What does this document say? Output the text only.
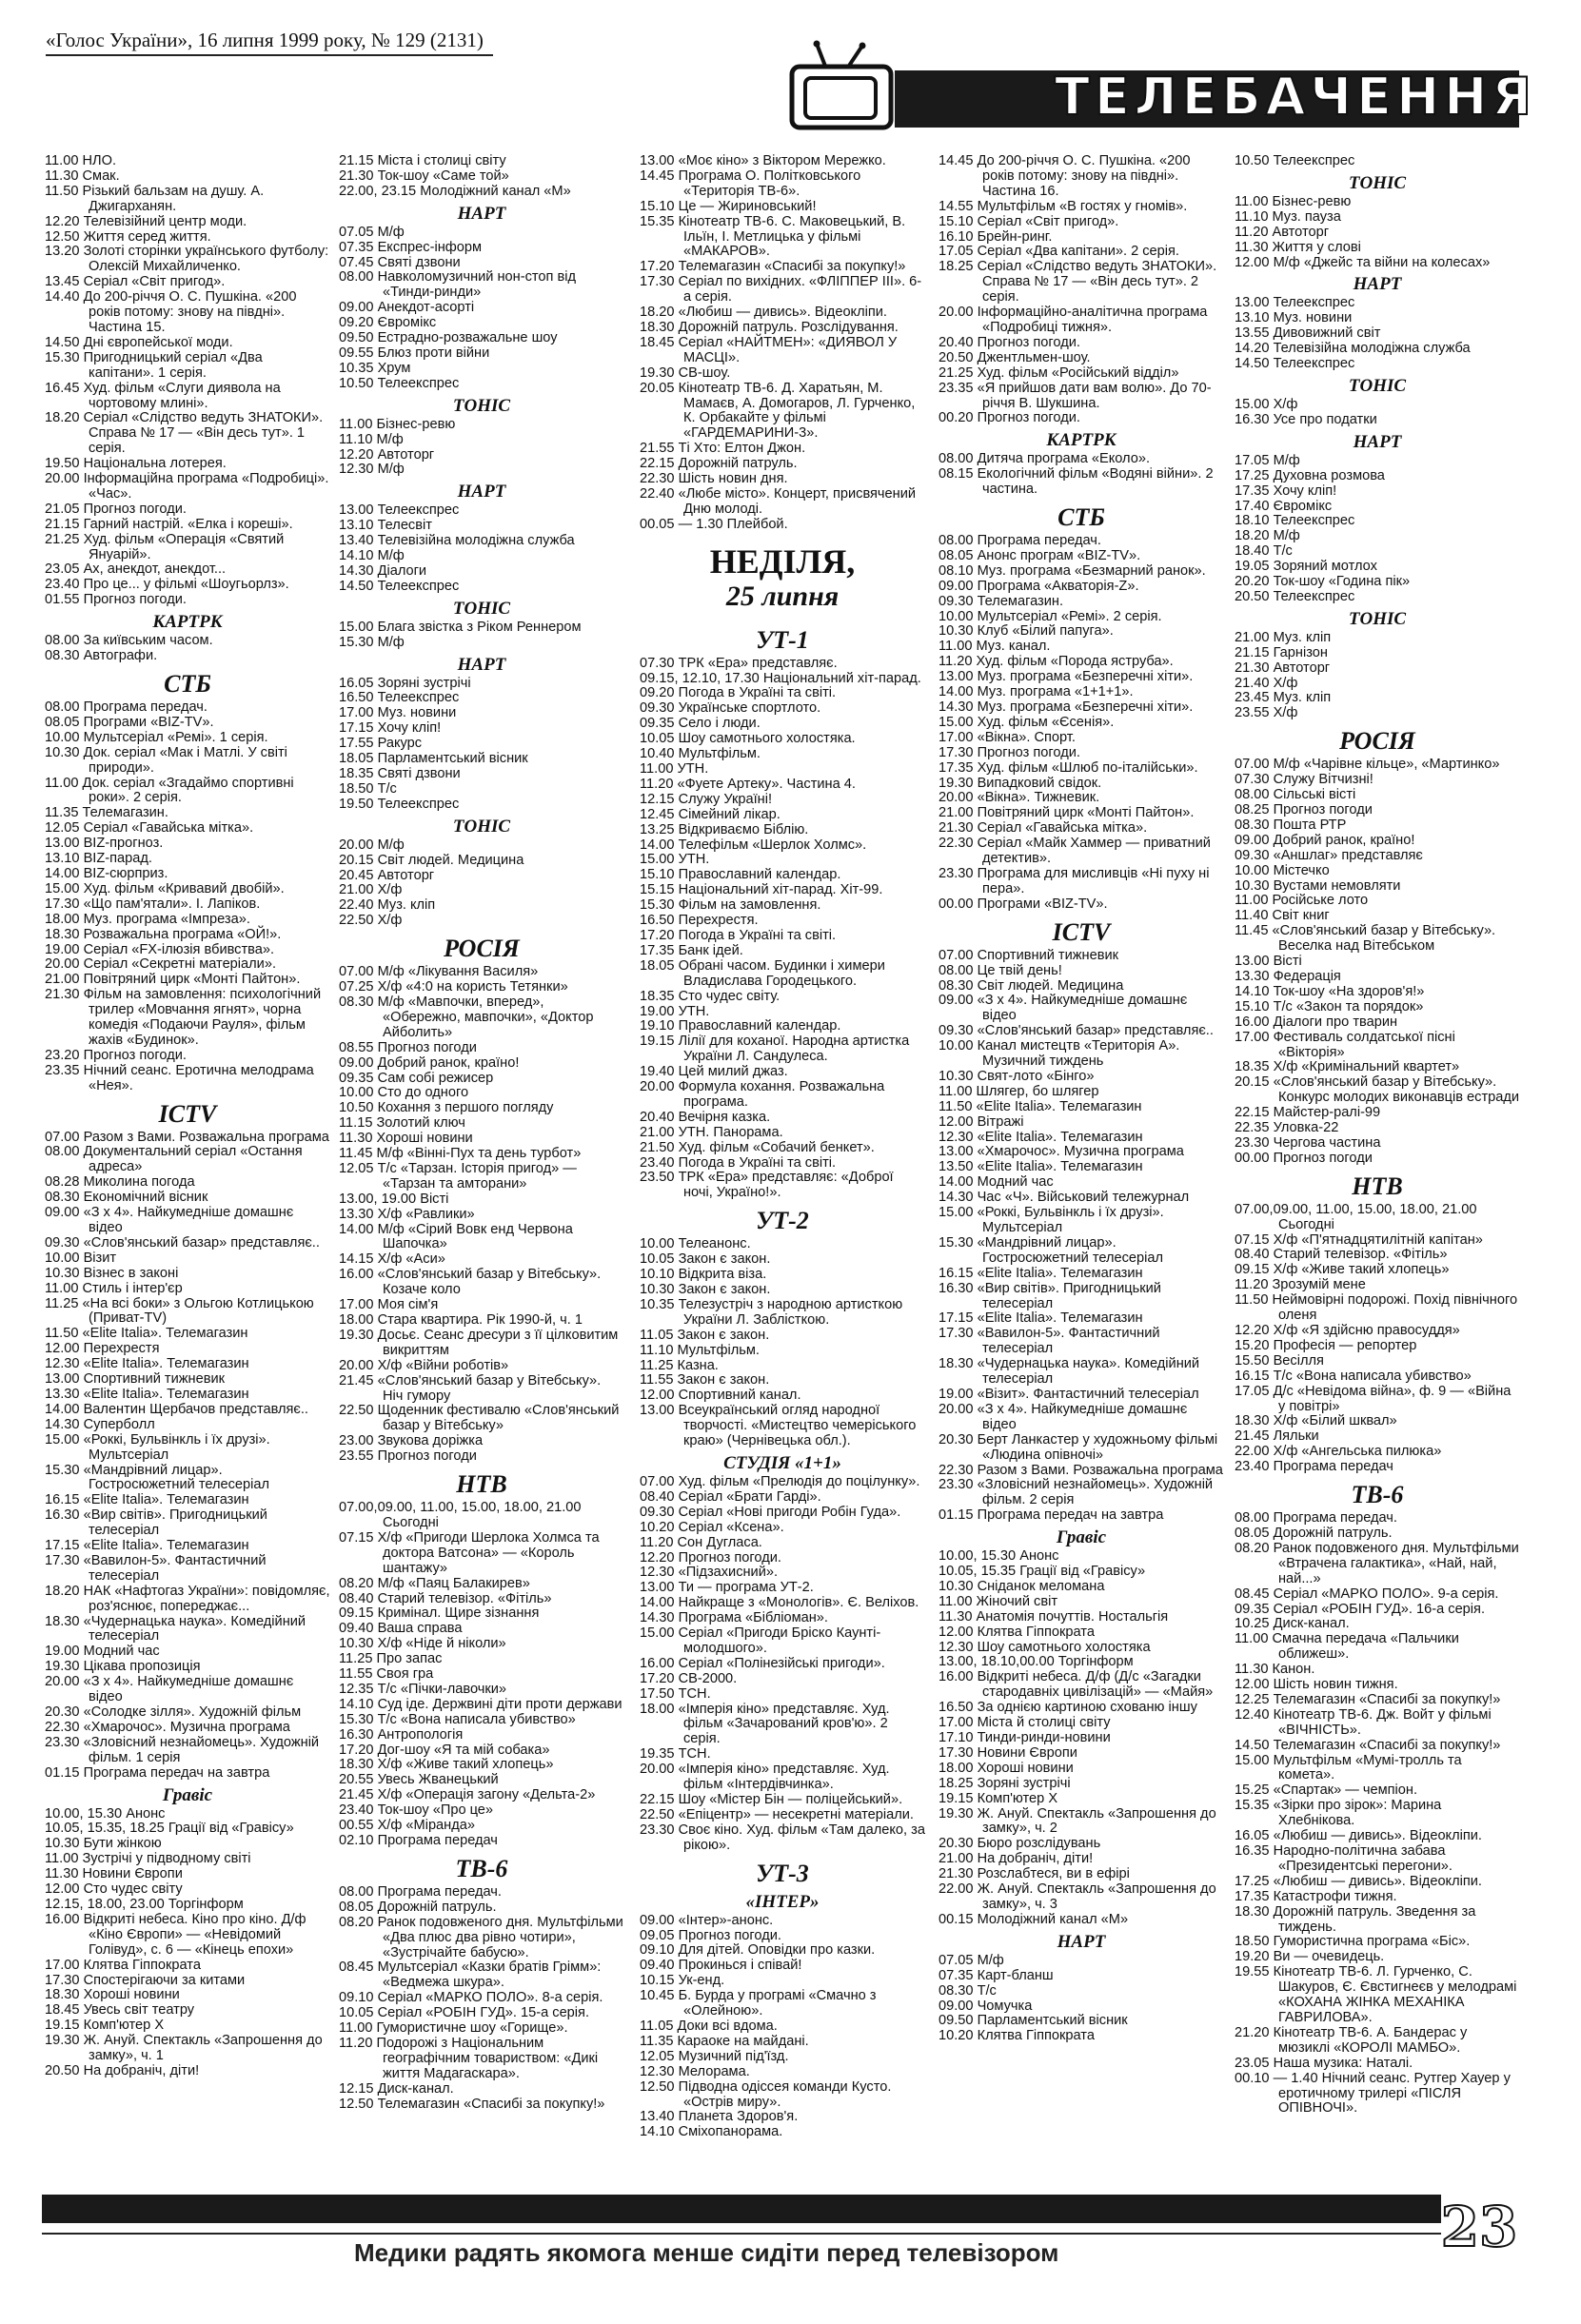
«Голос України», 16 липня 1999 року, № 129 (2131)
ТЕЛЕБАЧЕННЯ
11.00 НЛО.
11.30 Смак.
11.50 Різький бальзам на душу. А. Джигарханян.
12.20 Телевізійний центр моди.
12.50 Життя серед життя.
13.20 Золоті сторінки українського футболу: Олексій Михайличенко.
13.45 Серіал «Світ пригод».
14.40 До 200-річчя О. С. Пушкіна. «200 років потому: знову на півдні». Частина 15.
14.50 Дні європейської моди.
15.30 Пригодницький серіал «Два капітани». 1 серія.
16.45 Худ. фільм «Слуги диявола на чортовому млині».
18.20 Серіал «Слідство ведуть ЗНАТОКИ». Справа № 17 — «Він десь тут». 1 серія.
19.50 Національна лотерея.
20.00 Інформаційна програма «Подробиці». «Час».
21.05 Прогноз погоди.
21.15 Гарний настрій. «Елка і кореші».
21.25 Худ. фільм «Операція «Святий Януарій».
23.05 Ах, анекдот, анекдот...
23.40 Про це... у фільмі «Шоугьорлз».
01.55 Прогноз погоди.
КАРТРК
08.00 За київським часом.
08.30 Автографи.
СТБ
08.00 Програма передач.
08.05 Програми «BIZ-TV».
10.00 Мультсеріал «Ремі». 1 серія.
10.30 Док. серіал «Мак і Матлі. У світі природи».
11.00 Док. серіал «Згадаймо спортивні роки». 2 серія.
11.35 Телемагазин.
12.05 Серіал «Гавайська мітка».
13.00 BIZ-прогноз.
13.10 BIZ-парад.
14.00 BIZ-сюрприз.
15.00 Худ. фільм «Кривавий двобій».
17.30 «Що пам'ятали». І. Лапіков.
18.00 Муз. програма «Імпреза».
18.30 Розважальна програма «ОЙ!».
19.00 Серіал «FX-ілюзія вбивства».
20.00 Серіал «Секретні матеріали».
21.00 Повітряний цирк «Монті Пайтон».
21.30 Фільм на замовлення: психологічний трилер «Мовчання ягнят», чорна комедія «Подаючи Рауля», фільм жахів «Будинок».
23.20 Прогноз погоди.
23.35 Нічний сеанс. Еротична мелодрама «Нея».
ICTV
07.00 Разом з Вами. Розважальна програма
08.00 Документальний серіал «Остання адреса»
08.28 Миколина погода
08.30 Економічний вісник
09.00 «З х 4». Найкумедніше домашнє відео
09.30 «Слов'янський базар» представляє..
10.00 Візит
10.30 Візнес в законі
11.00 Стиль і інтер'єр
11.25 «На всі боки» з Ольгою Котлицькою (Приват-TV)
11.50 «Elite Italia». Телемагазин
12.00 Перехрестя
12.30 «Elite Italia». Телемагазин
13.00 Спортивний тижневик
13.30 «Elite Italia». Телемагазин
14.00 Валентин Щербачов представляє..
14.30 Суперболл
15.00 «Роккі, Бульвінкль і їх друзі». Мультсеріал
15.30 «Мандрівний лицар». Гостросюжетний телесеріал
16.15 «Elite Italia». Телемагазин
16.30 «Вир світів». Пригодницький телесеріал
17.15 «Elite Italia». Телемагазин
17.30 «Вавилон-5». Фантастичний телесеріал
18.20 НАК «Нафтогаз України»: повідомляє, роз'яснює, попереджає...
18.30 «Чудернацька наука». Комедійний телесеріал
19.00 Модний час
19.30 Цікава пропозиція
20.00 «З х 4». Найкумедніше домашнє відео
20.30 «Солодке зілля». Художній фільм
22.30 «Хмарочос». Музична програма
23.30 «Злoвісний незнайомець». Художній фільм. 1 серія
01.15 Програма передач на завтра
Гравіс
10.00, 15.30 Анонс
10.05, 15.35, 18.25 Грації від «Гравісу»
10.30 Бути жінкою
11.00 Зустрічі у підводному світі
11.30 Новини Європи
12.00 Сто чудес світу
12.15, 18.00, 23.00 Торгінформ
16.00 Відкриті небеса. Кіно про кіно. Д/ф «Кіно Європи» — «Невідомий Голівуд», с. 6 — «Кінець епохи»
17.00 Клятва Гіппократа
17.30 Спостерігаючи за китами
18.30 Хороші новини
18.45 Увесь світ театру
19.15 Комп'ютер Х
19.30 Ж. Ануй. Спектакль «Запрошення до замку», ч. 1
20.50 На добраніч, діти!
21.15 Міста і столиці світу
21.30 Ток-шоу «Саме той»
22.00, 23.15 Молодіжний канал «М»
НАРТ
07.05 М/ф
07.35 Експрес-інформ
07.45 Святі дзвони
08.00 Навколомузичний нон-стоп від «Тинди-ринди»
09.00 Анекдот-асорті
09.20 Євромікс
09.50 Естрадно-розважальне шоу
09.55 Блюз проти війни
10.35 Хрум
10.50 Телеекспрес
ТОНІС
11.00 Бізнес-ревю
11.10 М/ф
12.20 Автоторг
12.30 М/ф
НАРТ
13.00 Телеекспрес
13.10 Телесвіт
13.40 Телевізійна молодіжна служба
14.10 М/ф
14.30 Діалоги
14.50 Телеекспрес
ТОНІС
15.00 Блага звістка з Ріком Реннером
15.30 М/ф
НАРТ
16.05 Зоряні зустрічі
16.50 Телеекспрес
17.00 Муз. новини
17.15 Хочу клiп!
17.55 Ракурс
18.05 Парламентський вісник
18.35 Святі дзвони
18.50 Т/с
19.50 Телеекспрес
ТОНІС
20.00 М/ф
20.15 Світ людей. Медицина
20.45 Автоторг
21.00 Х/ф
22.40 Муз. кліп
22.50 Х/ф
РОСІЯ
07.00 М/ф «Лікування Василя»
07.25 Х/ф «4:0 на користь Тетянки»
08.30 М/ф «Мавпочки, вперед», «Обережно, мавпочки», «Доктор Айболить»
08.55 Прогноз погоди
09.00 Добрий ранок, країно!
09.35 Сам собі режисер
10.00 Сто до одного
10.50 Кохання з першого погляду
11.15 Золотий ключ
11.30 Хороші новини
11.45 М/ф «Вінні-Пух та день турбот»
12.05 Т/с «Тарзан. Історія пригод» — «Тарзан та амторани»
13.00, 19.00 Вісті
13.30 Х/ф «Равлики»
14.00 М/ф «Сірий Вовк енд Червона Шапочка»
14.15 Х/ф «Аси»
16.00 «Слов'янський базар у Вітебську». Козаче коло
17.00 Моя сім'я
18.00 Стара квартира. Рік 1990-й, ч. 1
19.30 Досьє. Сеанс дресури з її цілковитим викриттям
20.00 Х/ф «Війни роботів»
21.45 «Слов'янський базар у Вітебську». Ніч гумору
22.50 Щоденник фестивалю «Слов'янський базар у Вітебську»
23.00 Звукова доріжка
23.55 Прогноз погоди
НТВ
07.00,09.00, 11.00, 15.00, 18.00, 21.00 Сьогодні
07.15 Х/ф «Пригоди Шерлока Холмса та доктора Ватсона» — «Король шантажу»
08.20 М/ф «Паяц Балакирев»
08.40 Старий телевізор. «Фітіль»
09.15 Кримінал. Щире зізнання
09.40 Ваша справа
10.30 Х/ф «Ніде й ніколи»
11.25 Про запас
11.55 Своя гра
12.35 Т/с «Пічки-лавочки»
14.10 Суд іде. Держвині діти проти держави
15.30 Т/с «Вона написала убивство»
16.30 Антропологія
17.20 Дог-шоу «Я та мій собака»
18.30 Х/ф «Живе такий хлопець»
20.55 Увесь Жванецький
21.45 Х/ф «Операція загону «Дельта-2»
23.40 Ток-шоу «Про це»
00.55 Х/ф «Міранда»
02.10 Програма передач
ТВ-6
08.00 Програма передач.
08.05 Дорожній патруль.
08.20 Ранок подовженого дня. Мультфільми «Два плюс два рівно чотири», «Зустрічайте бабусю».
08.45 Мультсеріал «Казки братів Грімм»: «Ведмежа шкура».
09.10 Серіал «МАРКО ПОЛО». 8-а серія.
10.05 Серіал «РОБІН ГУД». 15-а серія.
11.00 Гумористичне шоу «Горище».
11.20 Подорожі з Національним географічним товариством: «Дикі життя Мадагаскара».
12.15 Диск-канал.
12.50 Телемагазин «Спасибі за покупку!»
13.00 «Моє кіно» з Віктором Мережко.
14.45 Програма О. Політковського «Територія ТВ-6».
15.10 Це — Жириновський!
15.35 Кінотеатр ТВ-6. С. Маковецький, В. Ільїн, І. Метлицька у фільмі «МАКАРОВ».
17.20 Телемагазин «Спасибі за покупку!»
17.30 Серіал по вихідних. «ФЛІППЕР III». 6-а серія.
18.20 «Любиш — дивись». Відеокліпи.
18.30 Дорожній патруль. Розслідування.
18.45 Серіал «НАЙТМЕН»: «ДИЯВОЛ У МАСЦІ».
19.30 СВ-шоу.
20.05 Кінотеатр ТВ-6. Д. Харатьян, М. Мамаєв, А. Домогаров, Л. Гурченко, К. Орбакайте у фільмі «ГАРДЕМАРИНИ-3».
21.55 Ті Хто: Елтон Джон.
22.15 Дорожній патруль.
22.30 Шість новин дня.
22.40 «Любе місто». Концерт, присвячений Дню молоді.
00.05 — 1.30 Плейбой.
НЕДІЛЯ,
25 липня
УТ-1
07.30 ТРК «Ера» представляє.
09.15, 12.10, 17.30 Національний хіт-парад.
09.20 Погода в Україні та світі.
09.30 Українське спортлото.
09.35 Село і люди.
10.05 Шоу самотнього холостяка.
10.40 Мультфільм.
11.00 УТН.
11.20 «Фуете Артеку». Частина 4.
12.15 Служу Україні!
12.45 Сімейний лікар.
13.25 Відкриваємо Біблію.
14.00 Телефільм «Шерлок Холмс».
15.00 УТН.
15.10 Православний календар.
15.15 Національний хіт-парад. Хіт-99.
15.30 Фільм на замовлення.
16.50 Перехрестя.
17.20 Погода в Україні та світі.
17.35 Банк ідей.
18.05 Обрані часом. Будинки і химери Владислава Городецького.
18.35 Сто чудес світу.
19.00 УТН.
19.10 Православний календар.
19.15 Лілії для коханої. Народна артистка України Л. Сандулеса.
19.40 Цей милий джаз.
20.00 Формула кохання. Розважальна програма.
20.40 Вечірня казка.
21.00 УТН. Панорама.
21.50 Худ. фільм «Собачий бенкет».
23.40 Погода в Україні та світі.
23.50 ТРК «Ера» представляє: «Доброї ночі, Україно!».
УТ-2
10.00 Телеанонс.
10.05 Закон є закон.
10.10 Відкрита віза.
10.30 Закон є закон.
10.35 Телезустріч з народною артисткою України Л. Заблiсткою.
11.05 Закон є закон.
11.10 Мультфільм.
11.25 Казна.
11.55 Закон є закон.
12.00 Спортивний канал.
13.00 Всеукраїнський огляд народної творчості. «Мистецтво чемеріського краю» (Чернівецька обл.).
СТУДІЯ «1+1»
07.00 Худ. фільм «Прелюдія до поцілунку».
08.40 Серіал «Брати Гарді».
09.30 Серіал «Нові пригоди Робін Гуда».
10.20 Серіал «Ксена».
11.20 Сон Дугласа.
12.20 Прогноз погоди.
12.30 «Підзахисний».
13.00 Ти — програма УТ-2.
14.00 Найкраще з «Монологів». Є. Веліхов.
14.30 Програма «Бібліоман».
15.00 Серіал «Пригоди Бріско Каунті-молодшого».
16.00 Серіал «Полінезійські пригоди».
17.20 СВ-2000.
17.50 ТСН.
18.00 «Імперія кіно» представляє. Худ. фільм «Зачарований кров'ю». 2 серія.
19.35 ТСН.
20.00 «Імперія кіно» представляє. Худ. фільм «Інтердівчинка».
22.15 Шоу «Містер Бін — поліцейський».
22.50 «Епіцентр» — несекретні матеріали.
23.30 Своє кіно. Худ. фільм «Там далеко, за рікою».
УТ-3
«ІНТЕР»
09.00 «Інтер»-анонс.
09.05 Прогноз погоди.
09.10 Для дітей. Оповідки про казки.
09.40 Прокинься і співай!
10.15 Ук-енд.
10.45 Б. Бурда у програмі «Смачно з «Олейною».
11.05 Доки всі вдома.
11.35 Караоке на майдані.
12.05 Музичний під'їзд.
12.30 Мелорама.
12.50 Підводна одіссея команди Кусто. «Острів миру».
13.40 Планета Здоров'я.
14.10 Сміхопанорама.
14.45 До 200-річчя О. С. Пушкіна. «200 років потому: знову на півдні». Частина 16.
14.55 Мультфільм «В гостях у гномів».
15.10 Серіал «Світ пригод».
16.10 Брейн-ринг.
17.05 Серіал «Два капітани». 2 серія.
18.25 Серіал «Слідство ведуть ЗНАТОКИ». Справа № 17 — «Він десь тут». 2 серія.
20.00 Інформаційно-аналітична програма «Подробиці тижня».
20.40 Прогноз погоди.
20.50 Джентльмен-шоу.
21.25 Худ. фільм «Російський відділ»
23.35 «Я прийшов дати вам волю». До 70-річчя В. Шукшина.
00.20 Прогноз погоди.
КАРТРК
08.00 Дитяча програма «Еколо».
08.15 Екологічний фільм «Водяні війни». 2 частина.
СТБ
08.00 Програма передач.
08.05 Анонс програм «BIZ-TV».
08.10 Муз. програма «Безмарний ранок».
09.00 Програма «Акваторія-Z».
09.30 Телемагазин.
10.00 Мультсеріал «Ремі». 2 серія.
10.30 Клуб «Білий папуга».
11.00 Муз. канал.
11.20 Худ. фільм «Порода яструба».
13.00 Муз. програма «Безперечні хіти».
14.00 Муз. програма «1+1+1».
14.30 Муз. програма «Безперечні хіти».
15.00 Худ. фільм «Єсенія».
17.00 «Вікна». Спорт.
17.30 Прогноз погоди.
17.35 Худ. фільм «Шлюб по-італійськи».
19.30 Випадковий свідок.
20.00 «Вікна». Тижневик.
21.00 Повітряний цирк «Монті Пайтон».
21.30 Серіал «Гавайська мітка».
22.30 Серіал «Майк Хаммер — приватний детектив».
23.30 Програма для мисливців «Ні пуху ні пера».
00.00 Програми «BIZ-TV».
ICTV
07.00 Спортивний тижневик
08.00 Це твій день!
08.30 Світ людей. Медицина
09.00 «З х 4». Найкумедніше домашнє відео
09.30 «Слов'янський базар» представляє..
10.00 Канал мистецтв «Територія А». Музичний тиждень
10.30 Свят-лото «Бінго»
11.00 Шлягер, бо шлягер
11.50 «Elite Italia». Телемагазин
12.00 Вітражі
12.30 «Elite Italia». Телемагазин
13.00 «Хмарочос». Музична програма
13.50 «Elite Italia». Телемагазин
14.00 Модний час
14.30 Час «Ч». Військовий тележурнал
15.00 «Роккі, Бульвінкль і їх друзі». Мультсеріал
15.30 «Мандрівний лицар». Гостросюжетний телесеріал
16.15 «Elite Italia». Телемагазин
16.30 «Вир світів». Пригодницький телесеріал
17.15 «Elite Italia». Телемагазин
17.30 «Вавилон-5». Фантастичний телесеріал
18.30 «Чудернацька наука». Комедійний телесеріал
19.00 «Візит». Фантастичний телесеріал
20.00 «З х 4». Найкумедніше домашнє відео
20.30 Берт Ланкастер у художньому фільмі «Людина опівночі»
22.30 Разом з Вами. Розважальна програма
23.30 «Злoвісний незнайомець». Художній фільм. 2 серія
01.15 Програма передач на завтра
Гравіс
10.00, 15.30 Анонс
10.05, 15.35 Грації від «Гравісу»
10.30 Сніданок меломана
11.00 Жіночий світ
11.30 Анатомія почуттів. Ностальгія
12.00 Клятва Гіппократа
12.30 Шоу самотнього холостяка
13.00, 18.10,00.00 Торгінформ
16.00 Відкриті небеса. Д/ф (Д/с «Загадки стародавніх цивілізацій» — «Майя»
16.50 За однією картиною схованю іншу
17.00 Міста й столиці світу
17.10 Тинди-ринди-новини
17.30 Новини Європи
18.00 Хороші новини
18.25 Зоряні зустрічі
19.15 Комп'ютер Х
19.30 Ж. Ануй. Спектакль «Запрошення до замку», ч. 2
20.30 Бюро розслідувань
21.00 На добраніч, діти!
21.30 Розслабтеся, ви в ефірі
22.00 Ж. Ануй. Спектакль «Запрошення до замку», ч. 3
00.15 Молодіжний канал «М»
НАРТ
07.05 М/ф
07.35 Карт-бланш
08.30 Т/с
09.00 Чомучка
09.50 Парламентський вісник
10.20 Клятва Гіппократа
10.50 Телеекспрес
ТОНІС
11.00 Бізнес-ревю
11.10 Муз. пауза
11.20 Автоторг
11.30 Життя у слові
12.00 М/ф «Джейс та війни на колесах»
НАРТ
13.00 Телеекспрес
13.10 Муз. новини
13.55 Дивовижний світ
14.20 Телевізійна молодіжна служба
14.50 Телеекспрес
ТОНІС
15.00 Х/ф
16.30 Усе про податки
НАРТ
17.05 М/ф
17.25 Духовна розмова
17.35 Хочу кліп!
17.40 Євромікс
18.10 Телеекспрес
18.20 М/ф
18.40 Т/с
19.05 Зоряний мотлох
20.20 Ток-шоу «Година пік»
20.50 Телеекспрес
ТОНІС
21.00 Муз. кліп
21.15 Гарнізон
21.30 Автоторг
21.40 Х/ф
23.45 Муз. кліп
23.55 Х/ф
РОСІЯ
07.00 М/ф «Чарівне кільце», «Мартинко»
07.30 Служу Вітчизні!
08.00 Сільські вісті
08.25 Прогноз погоди
08.30 Пошта РТР
09.00 Добрий ранок, країно!
09.30 «Аншлаг» представляє
10.00 Містечко
10.30 Вустами немовляти
11.00 Російське лото
11.40 Світ книг
11.45 «Слов'янський базар у Вітебську». Веселка над Вітебськом
13.00 Вісті
13.30 Федерація
14.10 Ток-шоу «На здоров'я!»
15.10 Т/с «Закон та порядок»
16.00 Діалоги про тварин
17.00 Фестиваль солдатської пісні «Вікторія»
18.35 Х/ф «Кримінальний квартет»
20.15 «Слов'янський базар у Вітебську». Конкурс молодих виконавців естради
22.15 Майстер-ралі-99
22.35 Уловка-22
23.30 Чергова частина
00.00 Прогноз погоди
НТВ
07.00,09.00, 11.00, 15.00, 18.00, 21.00 Сьогодні
07.15 Х/ф «П'ятнадцятилітній капітан»
08.40 Старий телевізор. «Фітіль»
09.15 Х/ф «Живе такий хлопець»
11.20 Зрозумій мене
11.50 Неймовірні подорожі. Похід північного оленя
12.20 Х/ф «Я здійсню правосуддя»
15.20 Професія — репортер
15.50 Весілля
16.15 Т/с «Вона написала убивство»
17.05 Д/с «Невідома війна», ф. 9 — «Війна у повітрі»
18.30 Х/ф «Білий шквал»
21.45 Ляльки
22.00 Х/ф «Ангельська пилюка»
23.40 Програма передач
ТВ-6
08.00 Програма передач.
08.05 Дорожній патруль.
08.20 Ранок подовженого дня. Мультфільми «Втрачена галактика», «Най, най, най...»
08.45 Серіал «МАРКО ПОЛО». 9-а серія.
09.35 Серіал «РОБІН ГУД». 16-а серія.
10.25 Диск-канал.
11.00 Смачна передача «Пальчики оближеш».
11.30 Канон.
12.00 Шість новин тижня.
12.25 Телемагазин «Спасибі за покупку!»
12.40 Кінотеатр ТВ-6. Дж. Войт у фільмі «ВІЧНІСТЬ».
14.50 Телемагазин «Спасибі за покупку!»
15.00 Мультфільм «Мумі-тролль та комета».
15.25 «Спартак» — чемпіон.
15.35 «Зірки про зірок»: Марина Хлебнікова.
16.05 «Любиш — дивись». Відеокліпи.
16.35 Народно-політична забава «Президентські перегони».
17.25 «Любиш — дивись». Відеокліпи.
17.35 Катастрофи тижня.
18.30 Дорожній патруль. Зведення за тиждень.
18.50 Гумористична програма «Біс».
19.20 Ви — очевидець.
19.55 Кінотеатр ТВ-6. Л. Гурченко, С. Шакуров, Є. Євстигнеєв у мелодрамі «КОХАНА ЖІНКА МЕХАНІКА ГАВРИЛОВА».
21.20 Кінотеатр ТВ-6. А. Бандерас у мюзиклі «КОРОЛІ МАМБО».
23.05 Наша музика: Наталі.
00.10 — 1.40 Нічний сеанс. Рутгер Хауер у еротичному трилері «ПІСЛЯ ОПІВНОЧІ».
Медики радять якомога менше сидіти перед телевізором	23
